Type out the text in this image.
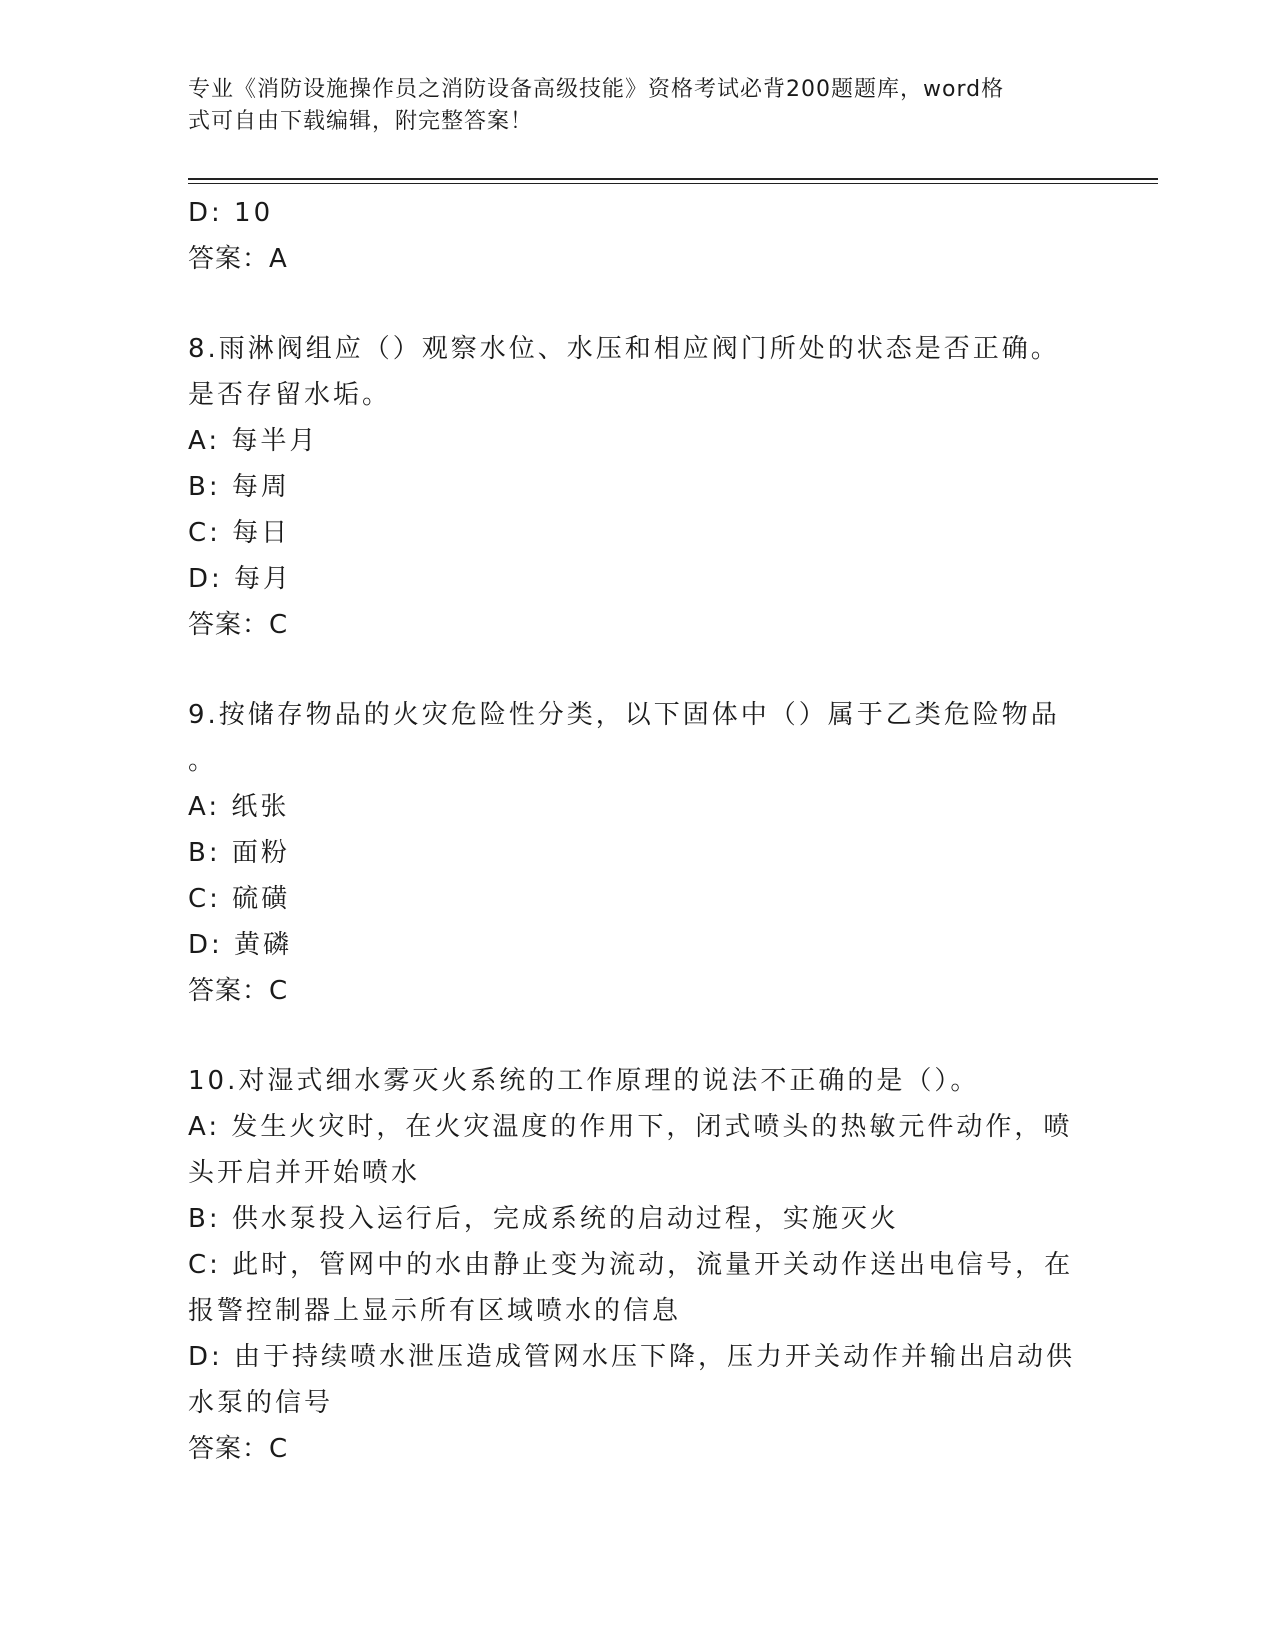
专业《消防设施操作员之消防设备高级技能》资格考试必背200题题库，word格
式可自由下载编辑，附完整答案！
D: 10
答案：A
8.雨淋阀组应（）观察水位、水压和相应阀门所处的状态是否正确。
是否存留水垢。
A: 每半月
B: 每周
C: 每日
D: 每月
答案：C
9.按储存物品的火灾危险性分类，以下固体中（）属于乙类危险物品
。
A: 纸张
B: 面粉
C: 硫磺
D: 黄磷
答案：C
10.对湿式细水雾灭火系统的工作原理的说法不正确的是（）。
A: 发生火灾时，在火灾温度的作用下，闭式喷头的热敏元件动作，喷
头开启并开始喷水
B: 供水泵投入运行后，完成系统的启动过程，实施灭火
C: 此时，管网中的水由静止变为流动，流量开关动作送出电信号，在
报警控制器上显示所有区域喷水的信息
D: 由于持续喷水泄压造成管网水压下降，压力开关动作并输出启动供
水泵的信号
答案：C
